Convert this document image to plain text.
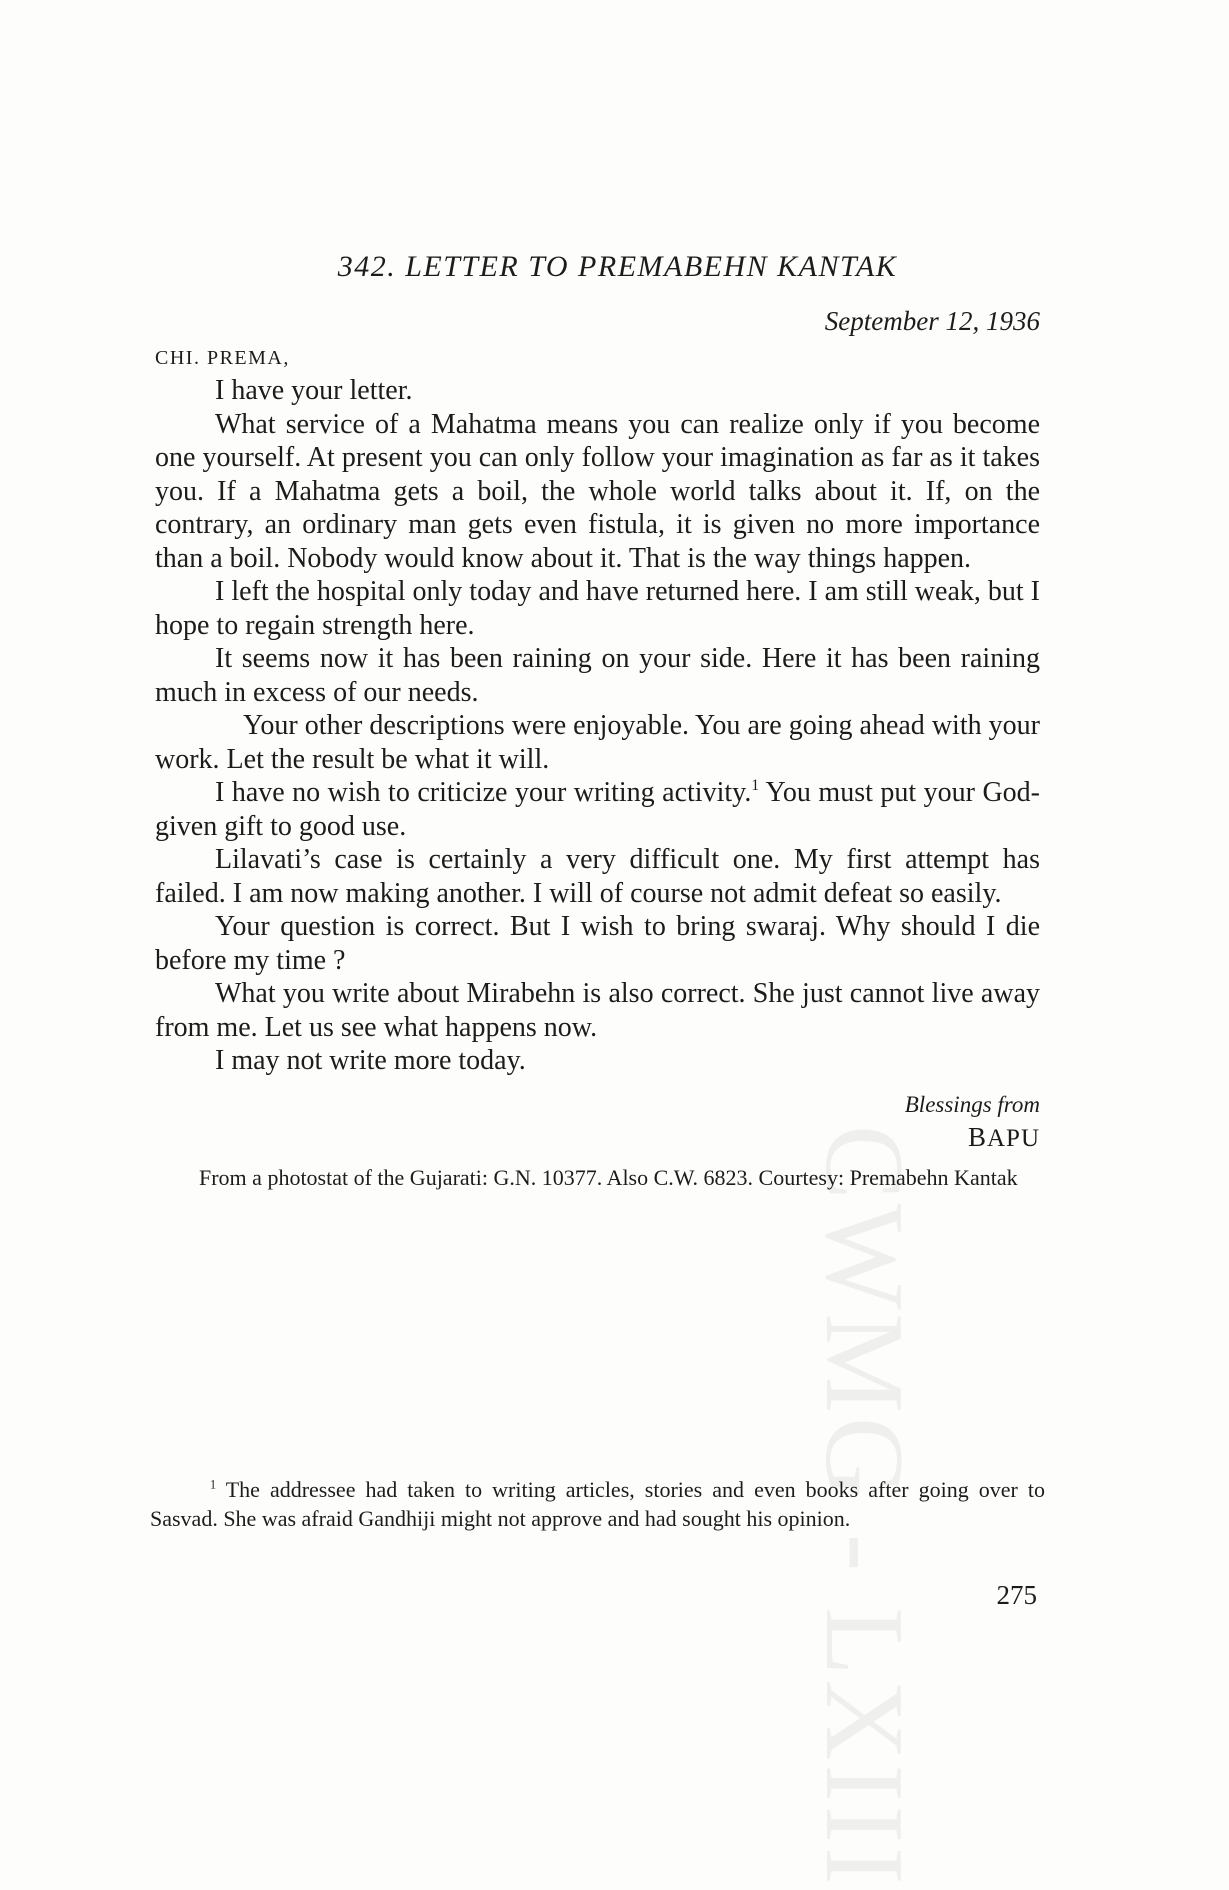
CWMG - LXIII
342. LETTER TO PREMABEHN KANTAK
September 12, 1936
CHI. PREMA,

I have your letter.

What service of a Mahatma means you can realize only if you become one yourself. At present you can only follow your imagination as far as it takes you. If a Mahatma gets a boil, the whole world talks about it. If, on the contrary, an ordinary man gets even fistula, it is given no more importance than a boil. Nobody would know about it. That is the way things happen.

I left the hospital only today and have returned here. I am still weak, but I hope to regain strength here.

It seems now it has been raining on your side. Here it has been raining much in excess of our needs.

Your other descriptions were enjoyable. You are going ahead with your work. Let the result be what it will.

I have no wish to criticize your writing activity.$^1$ You must put your God-given gift to good use.

Lilavati’s case is certainly a very difficult one. My first attempt has failed. I am now making another. I will of course not admit defeat so easily.

Your question is correct. But I wish to bring swaraj. Why should I die before my time ?

What you write about Mirabehn is also correct. She just cannot live away from me. Let us see what happens now.

I may not write more today.

Blessings from
BAPU

From a photostat of the Gujarati: G.N. 10377. Also C.W. 6823. Courtesy: Premabehn Kantak

$^1$ The addressee had taken to writing articles, stories and even books after going over to Sasvad. She was afraid Gandhiji might not approve and had sought his opinion.

275
